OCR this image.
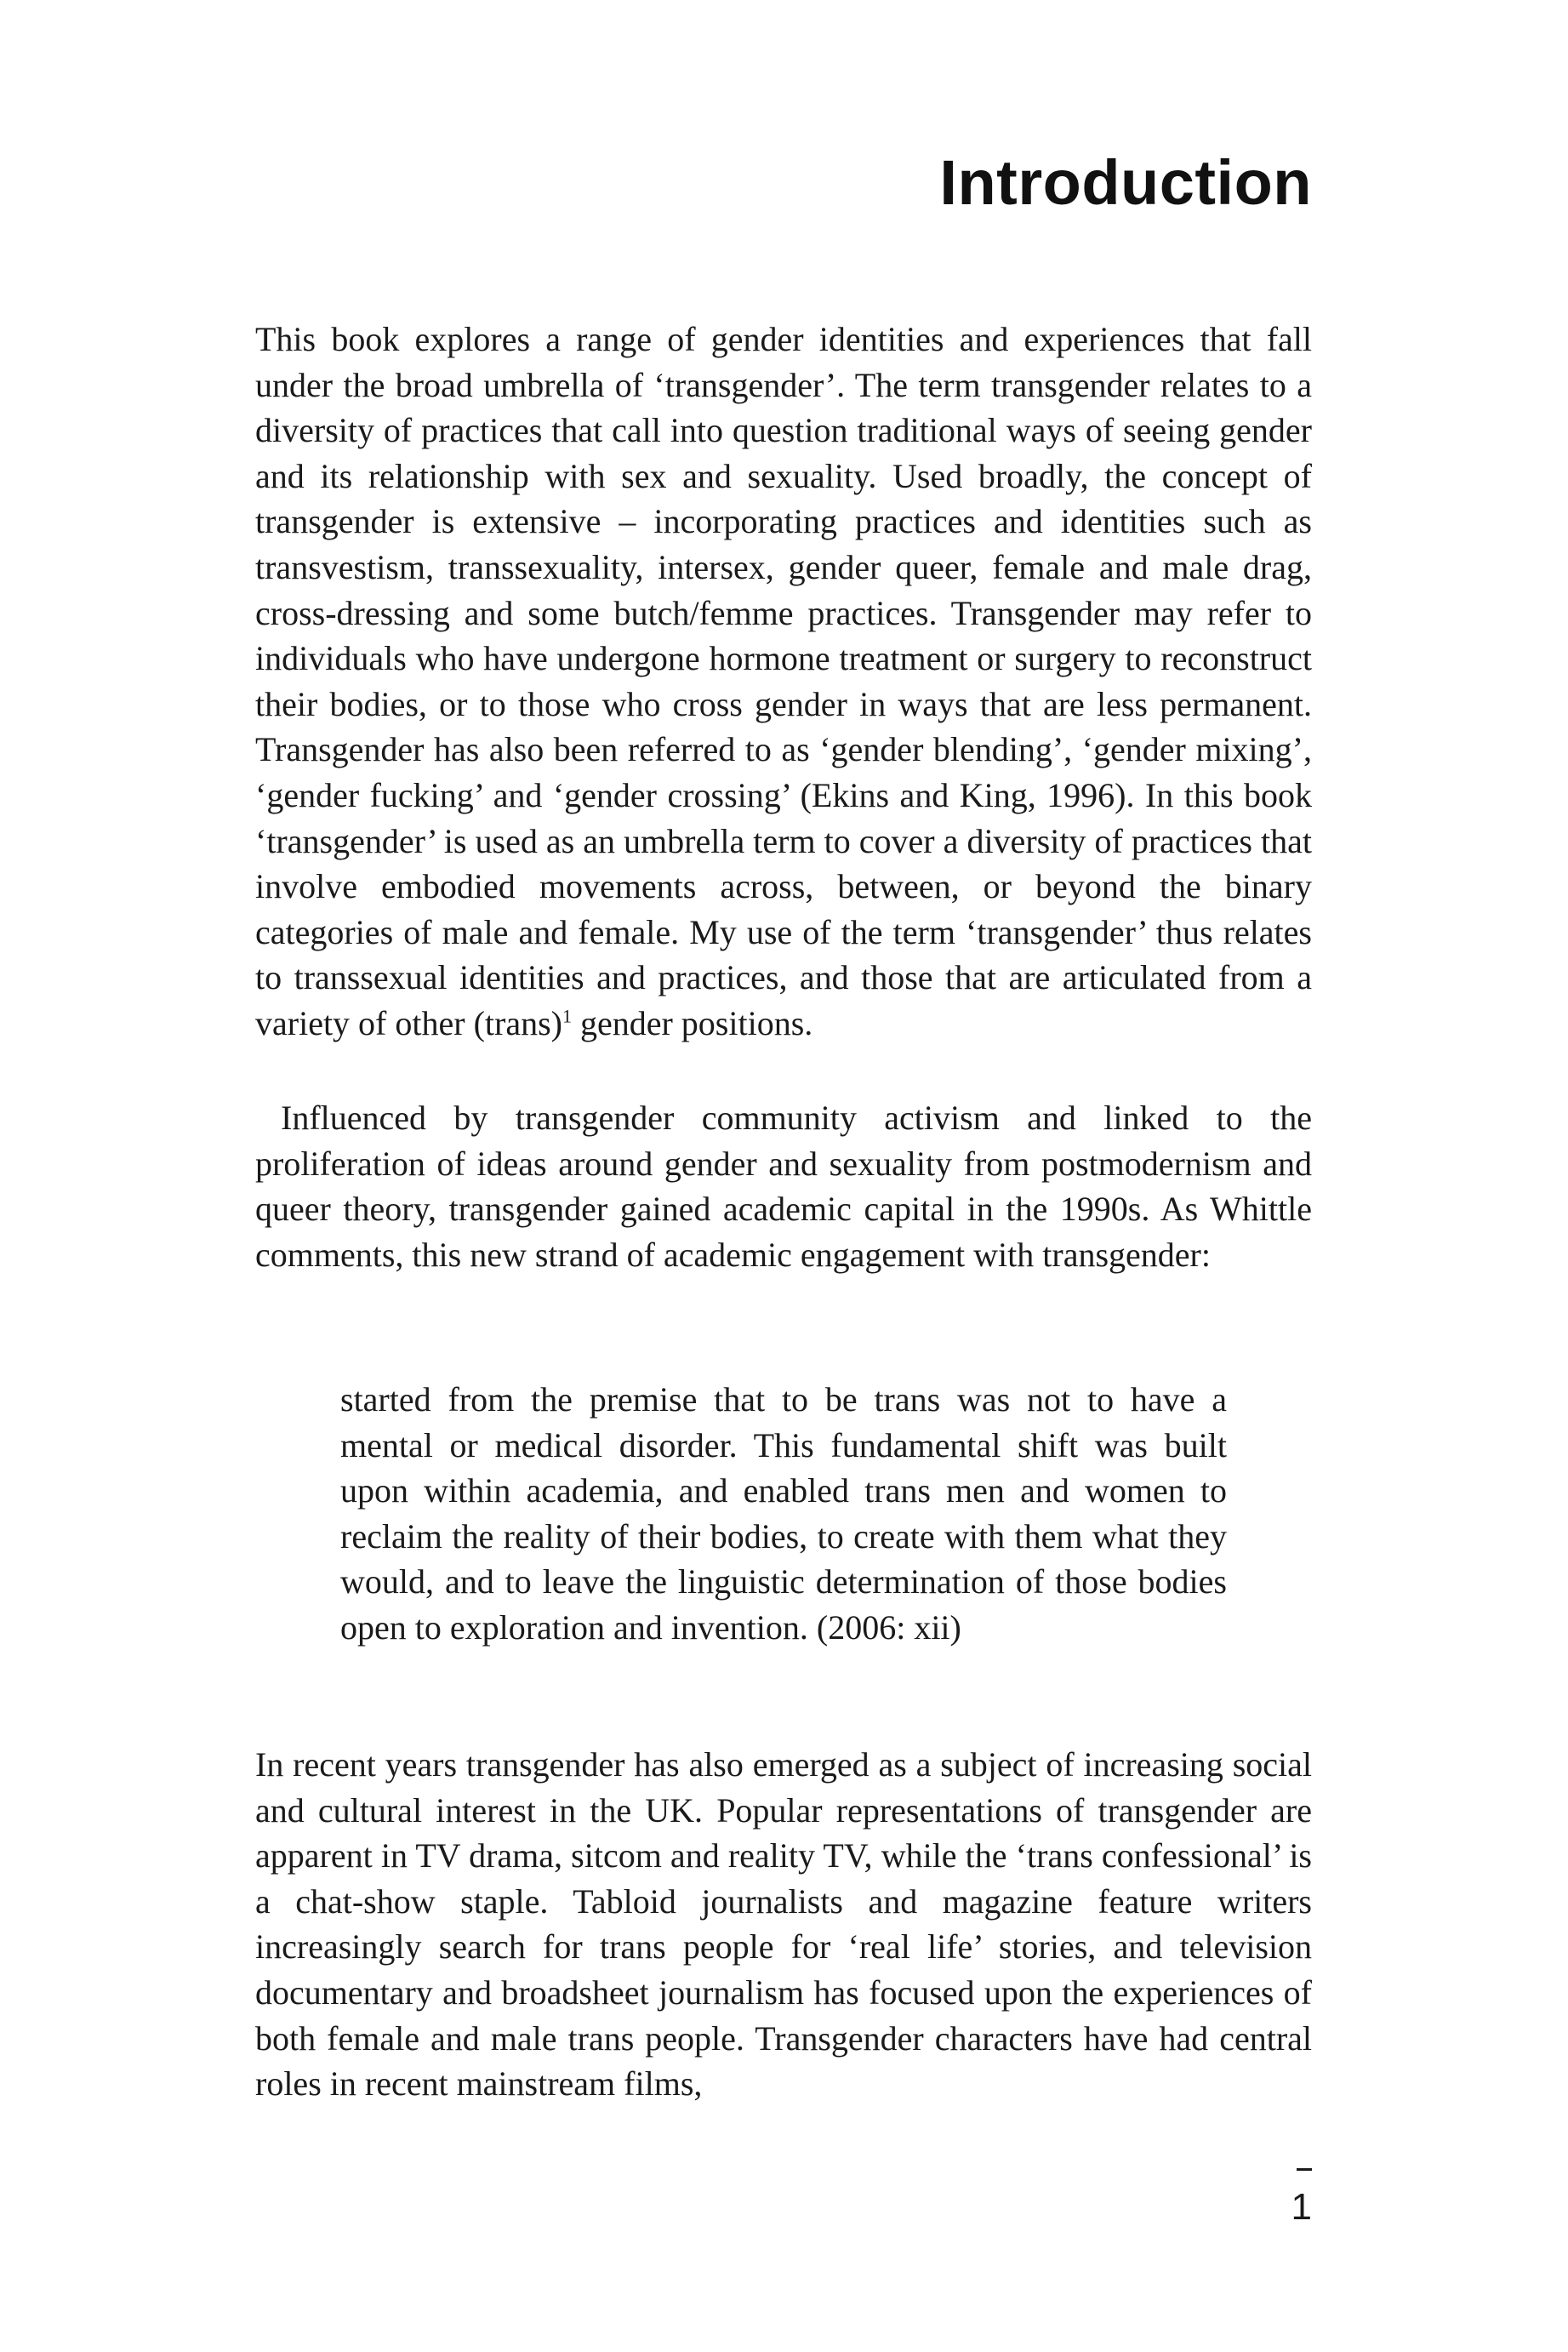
Introduction

This book explores a range of gender identities and experiences that fall under the broad umbrella of ‘transgender’. The term transgender relates to a diversity of practices that call into question traditional ways of seeing gender and its relationship with sex and sexuality. Used broadly, the concept of transgender is extensive – incorporating practices and identities such as transvestism, transsexuality, intersex, gender queer, female and male drag, cross-dressing and some butch/femme practices. Transgender may refer to individuals who have undergone hormone treatment or surgery to reconstruct their bodies, or to those who cross gender in ways that are less permanent. Transgender has also been referred to as ‘gender blending’, ‘gender mixing’, ‘gender fucking’ and ‘gender crossing’ (Ekins and King, 1996). In this book ‘transgender’ is used as an umbrella term to cover a diversity of practices that involve embodied movements across, between, or beyond the binary categories of male and female. My use of the term ‘transgender’ thus relates to transsexual identities and practices, and those that are articulated from a variety of other (trans)$^1$ gender positions.

Influenced by transgender community activism and linked to the proliferation of ideas around gender and sexuality from postmodernism and queer theory, transgender gained academic capital in the 1990s. As Whittle comments, this new strand of academic engagement with transgender:

started from the premise that to be trans was not to have a mental or medical disorder. This fundamental shift was built upon within academia, and enabled trans men and women to reclaim the reality of their bodies, to create with them what they would, and to leave the linguistic determination of those bodies open to exploration and invention. (2006: xii)

In recent years transgender has also emerged as a subject of increasing social and cultural interest in the UK. Popular representations of transgender are apparent in TV drama, sitcom and reality TV, while the ‘trans confessional’ is a chat-show staple. Tabloid journalists and magazine feature writers increasingly search for trans people for ‘real life’ stories, and television documentary and broadsheet journalism has focused upon the experiences of both female and male trans people. Transgender characters have had central roles in recent mainstream films,

1
